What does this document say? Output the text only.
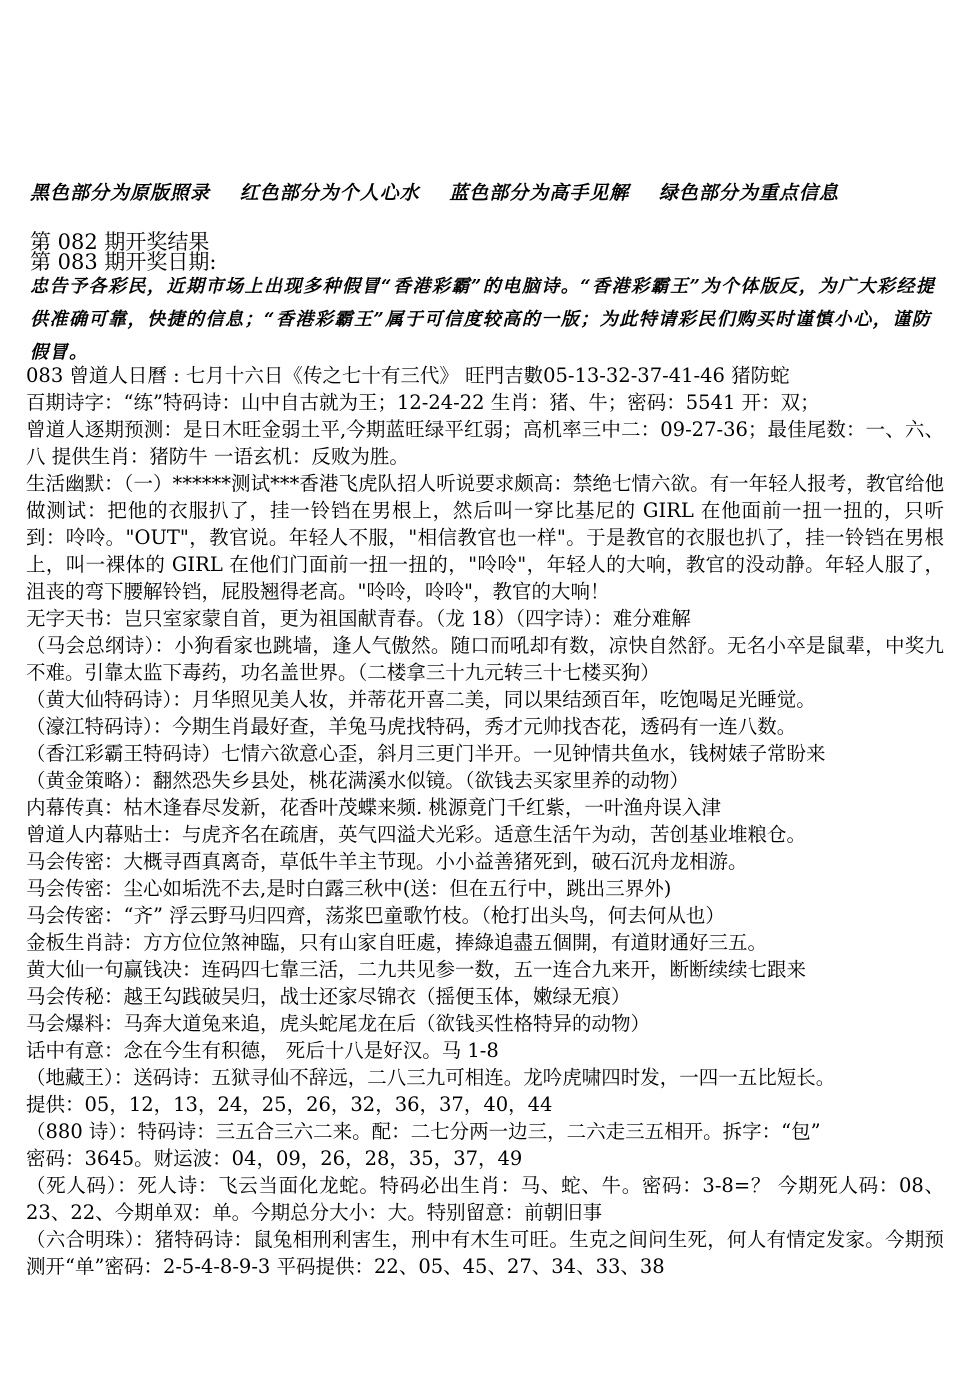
黑色部分为原版照录 红色部分为个人心水 蓝色部分为高手见解 绿色部分为重点信息
第 082 期开奖结果
第 083 期开奖日期:
忠告予各彩民，近期市场上出现多种假冒“香港彩霸”的电脑诗。“香港彩霸王”为个体版反，为广大彩经提供准确可靠，快捷的信息；“香港彩霸王”属于可信度较高的一版；为此特请彩民们购买时谨慎小心，谨防假冒。
083 曾道人日曆 : 七月十六日《传之七十有三代》 旺門吉數05-13-32-37-41-46 猪防蛇
百期诗字：“练”特码诗：山中自古就为王；12-24-22 生肖：猪、牛；密码：5541 开：双；
曾道人逐期预测：是日木旺金弱土平,今期蓝旺绿平红弱；高机率三中二：09-27-36；最佳尾数：一、六、八 提供生肖：猪防牛 一语玄机：反败为胜。
生活幽默：（一）******测试***香港飞虎队招人听说要求颇高：禁绝七情六欲。有一年轻人报考，教官给他做测试：把他的衣服扒了，挂一铃铛在男根上，然后叫一穿比基尼的 GIRL 在他面前一扭一扭的，只听到：呤呤。"OUT"，教官说。年轻人不服，"相信教官也一样"。于是教官的衣服也扒了，挂一铃铛在男根上，叫一裸体的 GIRL 在他们门面前一扭一扭的，"呤呤"，年轻人的大响，教官的没动静。年轻人服了，沮丧的弯下腰解铃铛，屁股翘得老高。"呤呤，呤呤"，教官的大响！
无字天书：岂只室家蒙自首，更为祖国献青春。（龙 18）（四字诗）：难分难解
（马会总纲诗）：小狗看家也跳墙，逢人气傲然。随口而吼却有数，凉快自然舒。无名小卒是鼠辈，中奖九不难。引靠太监下毒药，功名盖世界。（二楼拿三十九元转三十七楼买狗）
（黄大仙特码诗）：月华照见美人妆，并蒂花开喜二美，同以果结颈百年，吃饱喝足光睡觉。
（濠江特码诗）：今期生肖最好查，羊兔马虎找特码，秀才元帅找杏花，透码有一连八数。
（香江彩霸王特码诗）七情六欲意心歪，斜月三更门半开。一见钟情共鱼水，钱树婊子常盼来
（黄金策略）：翻然恐失乡县处，桃花满溪水似镜。（欲钱去买家里养的动物）
内幕传真：枯木逢春尽发新，花香叶茂蝶来频. 桃源竟门千红紫，一叶渔舟误入津
曾道人内幕贴士：与虎齐名在疏唐，英气四溢犬光彩。适意生活午为动，苦创基业堆粮仓。
马会传密：大概寻酉真离奇，草低牛羊主节现。小小益善猪死到，破石沉舟龙相游。
马会传密：尘心如垢洗不去,是时白露三秋中(送：但在五行中，跳出三界外)
马会传密：“齐” 浮云野马归四齊，荡浆巴童歌竹枝。（枪打出头鸟，何去何从也）
金板生肖詩：方方位位煞神臨，只有山家自旺處，捧綠追盡五個開，有道財通好三五。
黄大仙一句赢钱决：连码四七靠三活，二九共见参一数，五一连合九来开，断断续续七跟来
马会传秘：越王勾践破吴归，战士还家尽锦衣（摇便玉体，嫩绿无痕）
马会爆料：马奔大道兔来追，虎头蛇尾龙在后（欲钱买性格特异的动物）
话中有意：念在今生有积德， 死后十八是好汉。马 1-8
（地藏王）：送码诗：五狱寻仙不辞远，二八三九可相连。龙吟虎啸四时发，一四一五比短长。
提供：05，12，13，24，25，26，32，36，37，40，44
（880 诗）：特码诗：三五合三六二来。配：二七分两一边三，二六走三五相开。拆字：“包”
密码：3645。财运波：04，09，26，28，35，37，49
（死人码）：死人诗：飞云当面化龙蛇。特码必出生肖：马、蛇、牛。密码：3-8=？ 今期死人码：08、23、22、今期单双：单。今期总分大小：大。特别留意：前朝旧事
（六合明珠）：猪特码诗：鼠兔相刑利害生，刑中有木生可旺。生克之间问生死，何人有情定发家。今期预测开“单”密码：2-5-4-8-9-3 平码提供：22、05、45、27、34、33、38
